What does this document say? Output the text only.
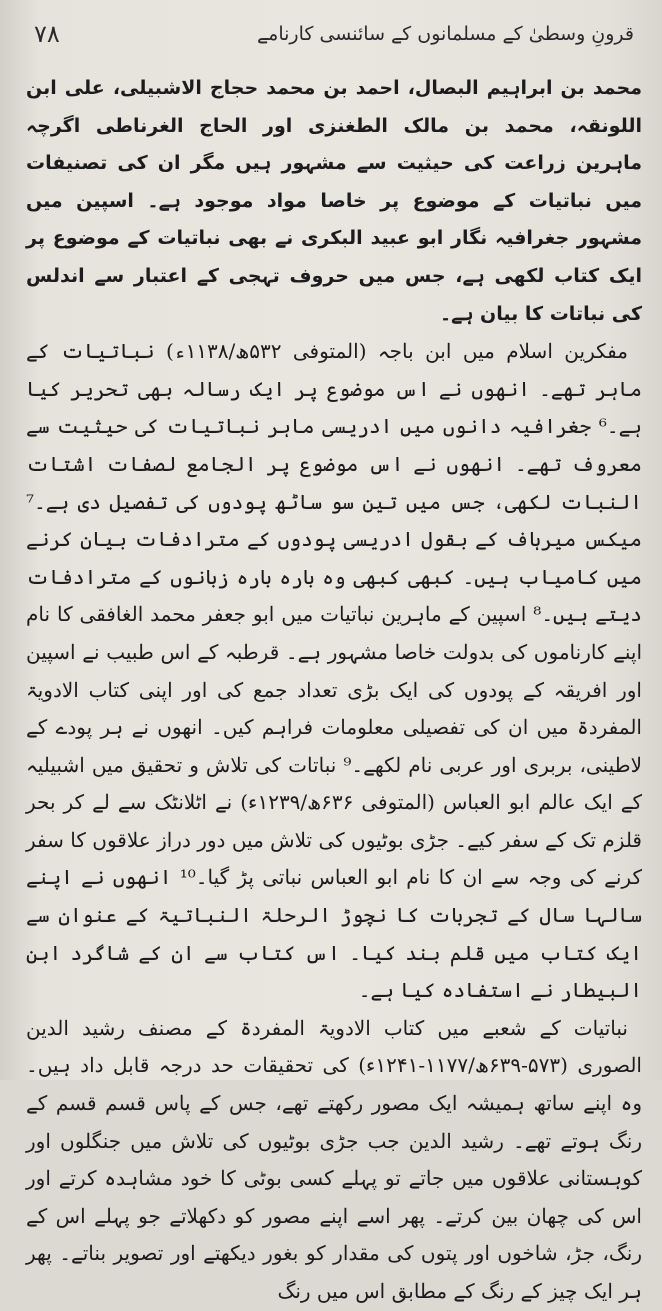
۷۸	قرونِ وسطیٰ کے مسلمانوں کے سائنسی کارنامے

محمد بن ابراہیم البصال، احمد بن محمد حجاج الاشبیلی، علی ابن اللونقہ، محمد بن مالک الطغنزی اور الحاج الغرناطی اگرچہ ماہرین زراعت کی حیثیت سے مشہور ہیں مگر ان کی تصنیفات میں نباتیات کے موضوع پر خاصا مواد موجود ہے۔ اسپین میں مشہور جغرافیہ نگار ابو عبید البکری نے بھی نباتیات کے موضوع پر ایک کتاب لکھی ہے، جس میں حروف تہجی کے اعتبار سے اندلس کی نباتات کا بیان ہے۔

مفکرین اسلام میں ابن باجہ (المتوفی ۵۳۲ھ/۱۱۳۸ء) نباتیات کے ماہر تھے۔ انھوں نے اس موضوع پر ایک رسالہ بھی تحریر کیا ہے۔⁶ جغرافیہ دانوں میں ادریسی ماہر نباتیات کی حیثیت سے معروف تھے۔ انھوں نے اس موضوع پر الجامع لصفات اشتات النبات لکھی، جس میں تین سو ساٹھ پودوں کی تفصیل دی ہے۔⁷ میکس میرہاف کے بقول ادریسی پودوں کے مترادفات بیان کرنے میں کامیاب ہیں۔ کبھی کبھی وہ بارہ بارہ زبانوں کے مترادفات دیتے ہیں۔⁸ اسپین کے ماہرین نباتیات میں ابو جعفر محمد الغافقی کا نام اپنے کارناموں کی بدولت خاصا مشہور ہے۔ قرطبہ کے اس طبیب نے اسپین اور افریقہ کے پودوں کی ایک بڑی تعداد جمع کی اور اپنی کتاب الادویۃ المفردۃ میں ان کی تفصیلی معلومات فراہم کیں۔ انھوں نے ہر پودے کے لاطینی، بربری اور عربی نام لکھے۔⁹ نباتات کی تلاش و تحقیق میں اشبیلیہ کے ایک عالم ابو العباس (المتوفی ۶۳۶ھ/۱۲۳۹ء) نے اٹلانٹک سے لے کر بحر قلزم تک کے سفر کیے۔ جڑی بوٹیوں کی تلاش میں دور دراز علاقوں کا سفر کرنے کی وجہ سے ان کا نام ابو العباس نباتی پڑ گیا۔¹⁰ انھوں نے اپنے سالہا سال کے تجربات کا نچوڑ الرحلۃ النباتیۃ کے عنوان سے ایک کتاب میں قلم بند کیا۔ اس کتاب سے ان کے شاگرد ابن البیطار نے استفادہ کیا ہے۔

نباتیات کے شعبے میں کتاب الادویۃ المفردۃ کے مصنف رشید الدین الصوری (۵۷۳-۶۳۹ھ/۱۱۷۷-۱۲۴۱ء) کی تحقیقات حد درجہ قابل داد ہیں۔ وہ اپنے ساتھ ہمیشہ ایک مصور رکھتے تھے، جس کے پاس قسم قسم کے رنگ ہوتے تھے۔ رشید الدین جب جڑی بوٹیوں کی تلاش میں جنگلوں اور کوہستانی علاقوں میں جاتے تو پہلے کسی بوٹی کا خود مشاہدہ کرتے اور اس کی چھان بین کرتے۔ پھر اسے اپنے مصور کو دکھلاتے جو پہلے اس کے رنگ، جڑ، شاخوں اور پتوں کی مقدار کو بغور دیکھتے اور تصویر بناتے۔ پھر ہر ایک چیز کے رنگ کے مطابق اس میں رنگ
